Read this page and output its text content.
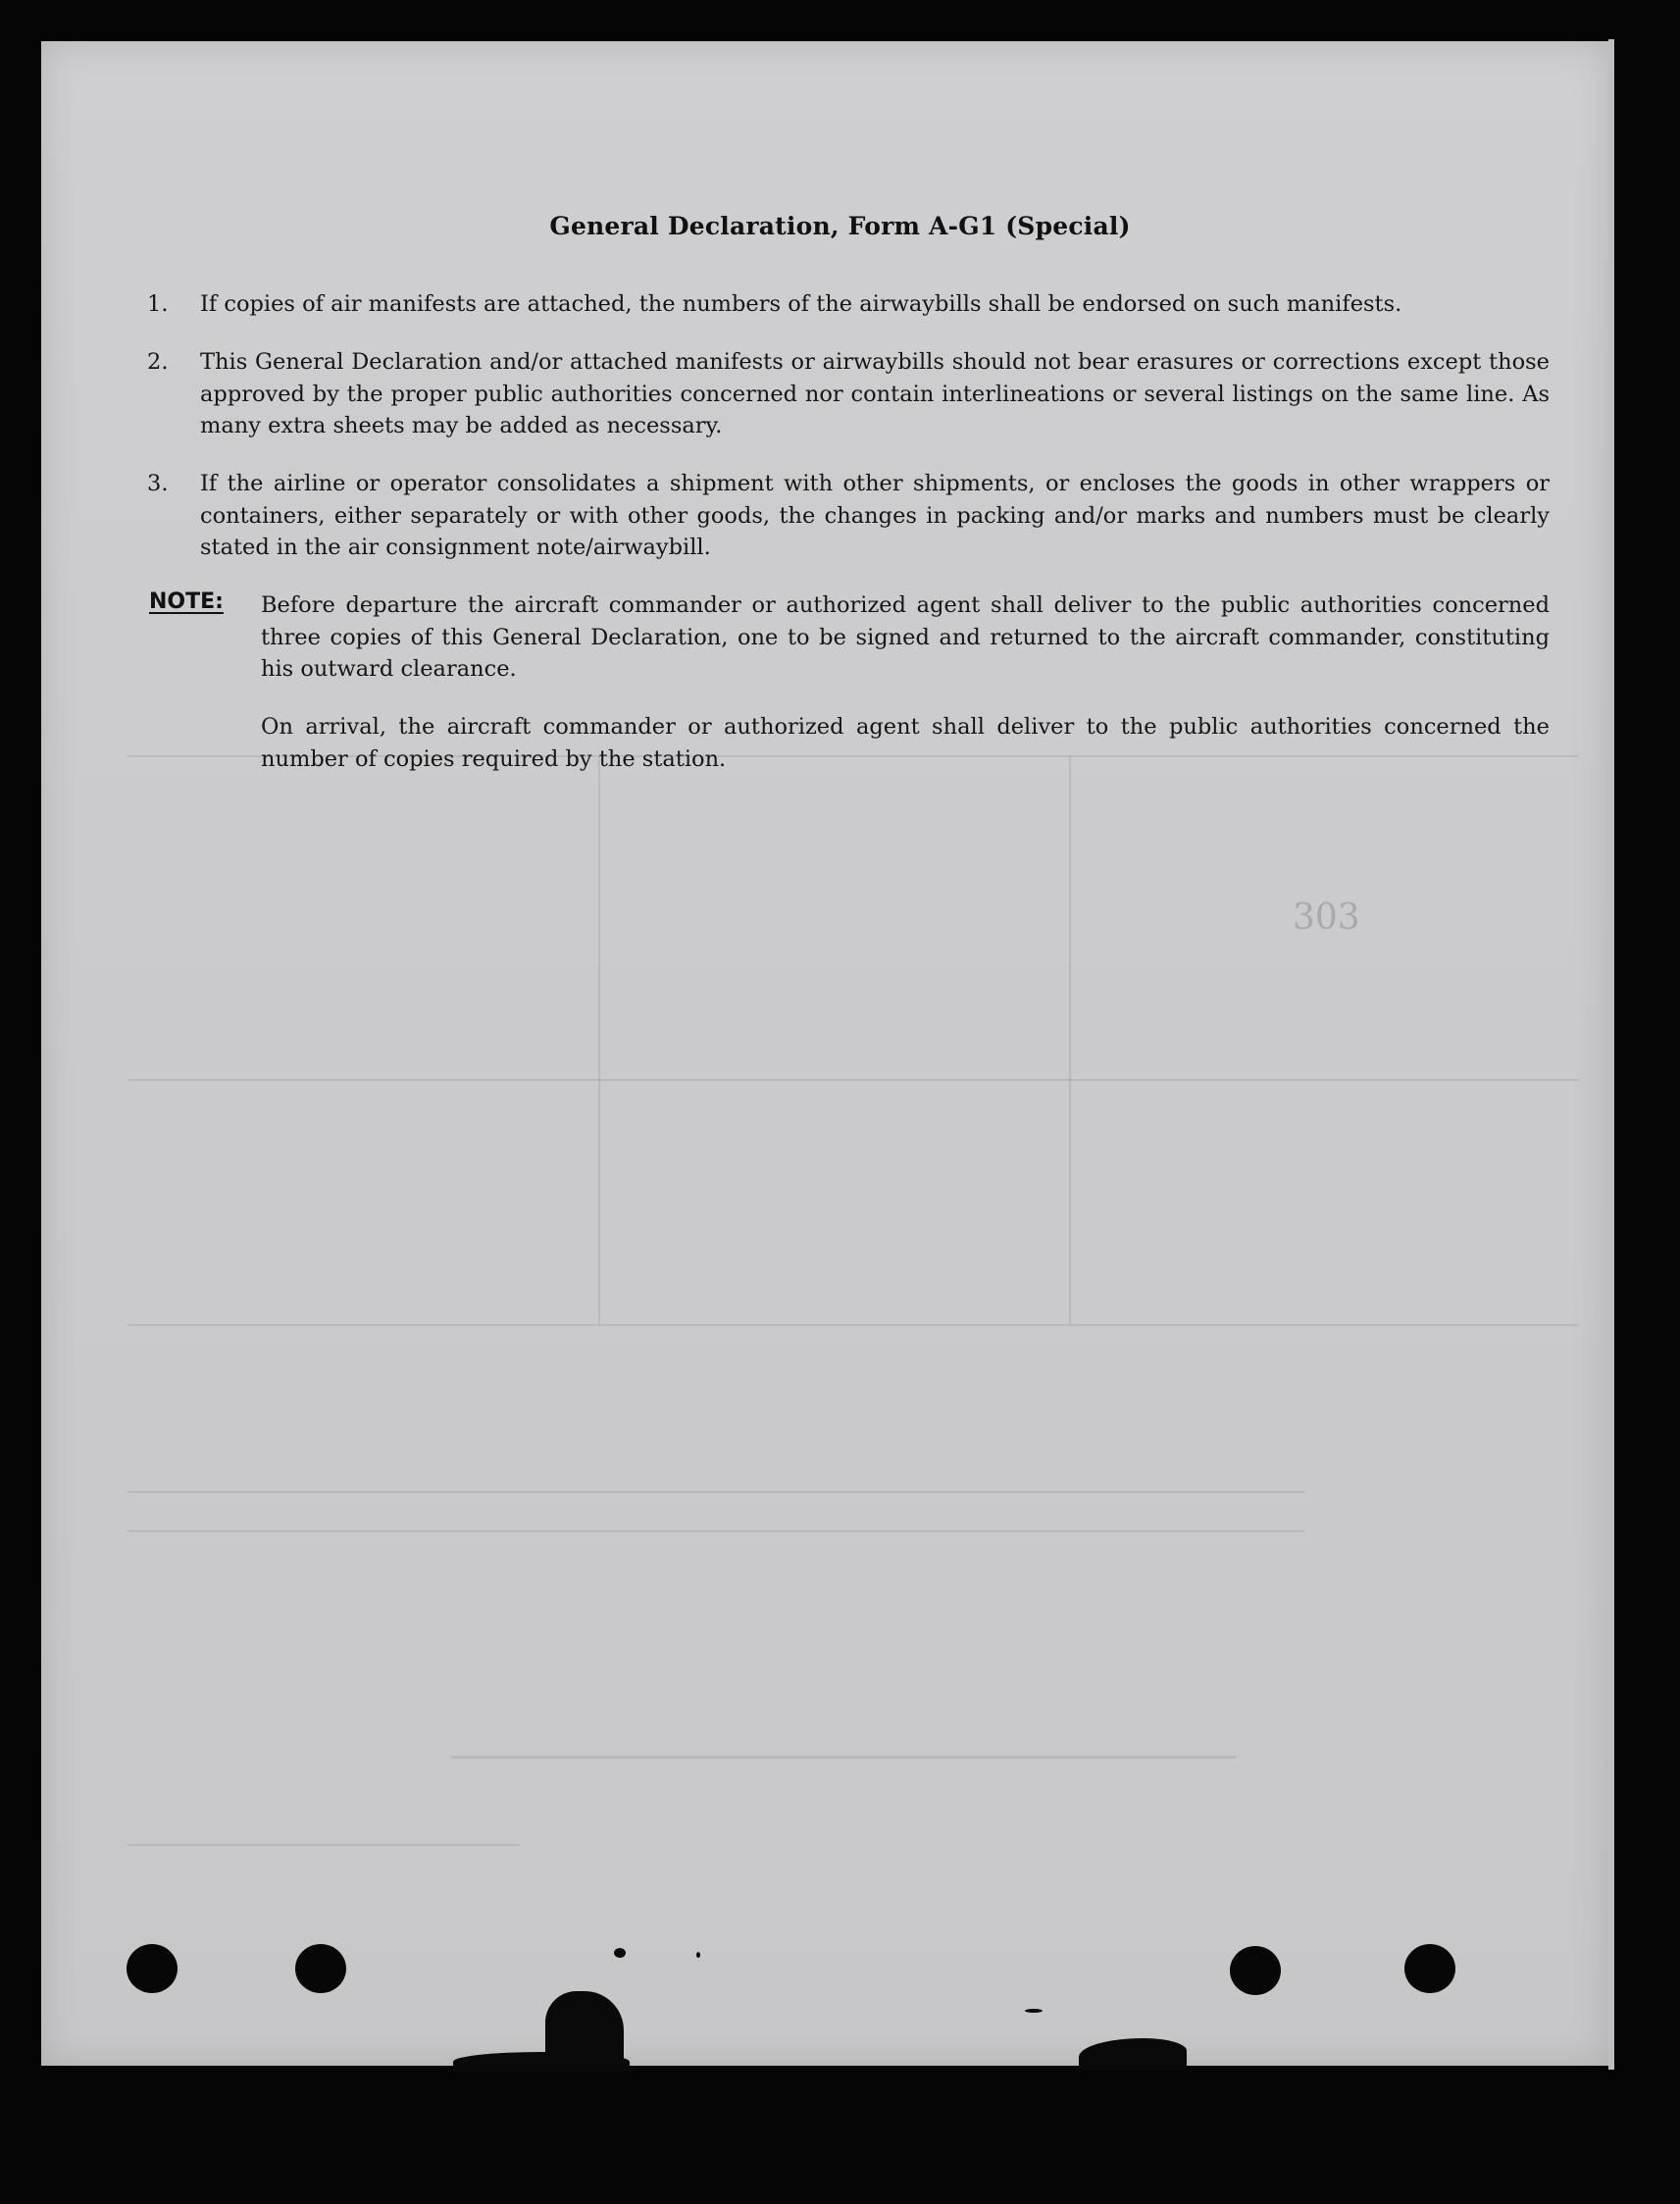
General Declaration, Form A-G1 (Special)
1. If copies of air manifests are attached, the numbers of the airwaybills shall be endorsed on such manifests.
2. This General Declaration and/or attached manifests or airwaybills should not bear erasures or corrections except those approved by the proper public authorities concerned nor contain interlineations or several listings on the same line. As many extra sheets may be added as necessary.
3. If the airline or operator consolidates a shipment with other shipments, or encloses the goods in other wrappers or containers, either separately or with other goods, the changes in packing and/or marks and numbers must be clearly stated in the air consignment note/airwaybill.
NOTE: Before departure the aircraft commander or authorized agent shall deliver to the public authorities concerned three copies of this General Declaration, one to be signed and returned to the aircraft commander, constituting his outward clearance.
On arrival, the aircraft commander or authorized agent shall deliver to the public authorities concerned the number of copies required by the station.
303
